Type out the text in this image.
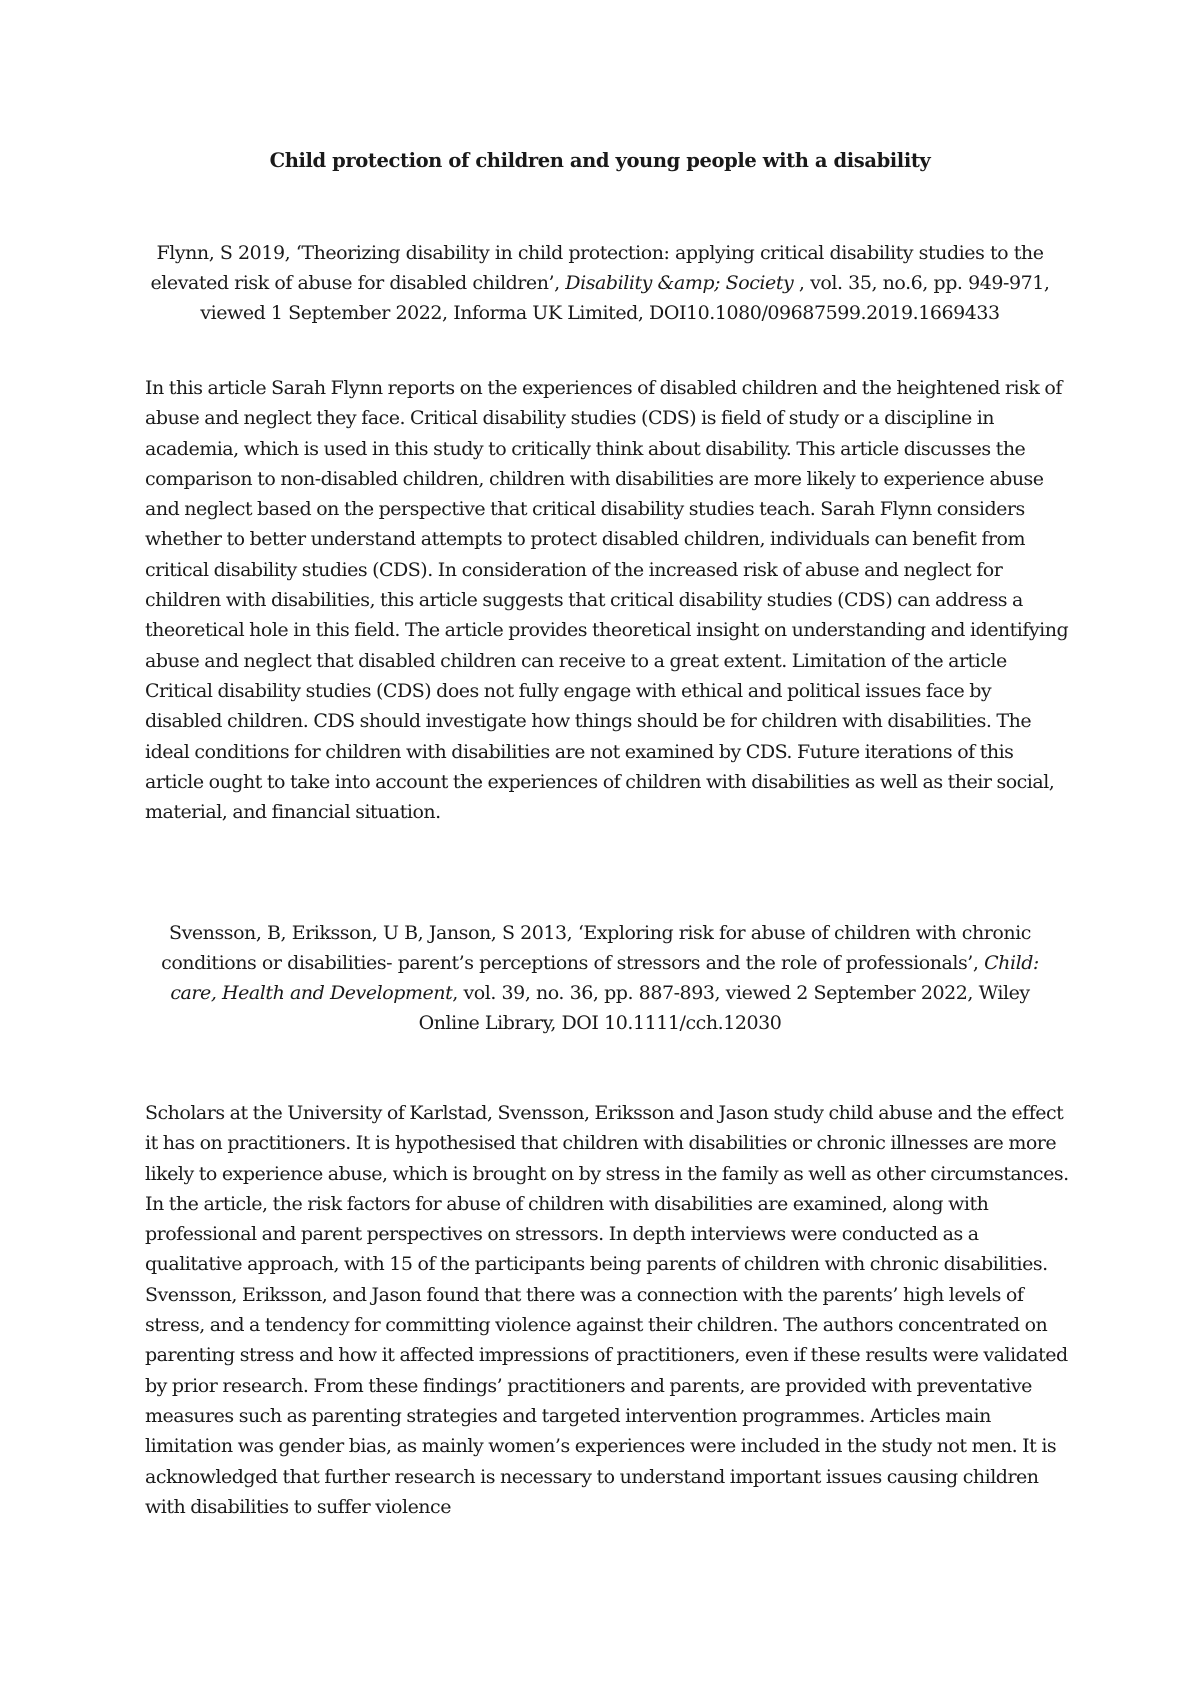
Child protection of children and young people with a disability

Flynn, S 2019, ‘Theorizing disability in child protection: applying critical disability studies to the elevated risk of abuse for disabled children’, Disability &amp; Society , vol. 35, no.6, pp. 949-971, viewed 1 September 2022, Informa UK Limited, DOI10.1080/09687599.2019.1669433

In this article Sarah Flynn reports on the experiences of disabled children and the heightened risk of abuse and neglect they face. Critical disability studies (CDS) is field of study or a discipline in academia, which is used in this study to critically think about disability. This article discusses the comparison to non-disabled children, children with disabilities are more likely to experience abuse and neglect based on the perspective that critical disability studies teach. Sarah Flynn considers whether to better understand attempts to protect disabled children, individuals can benefit from critical disability studies (CDS). In consideration of the increased risk of abuse and neglect for children with disabilities, this article suggests that critical disability studies (CDS) can address a theoretical hole in this field. The article provides theoretical insight on understanding and identifying abuse and neglect that disabled children can receive to a great extent. Limitation of the article Critical disability studies (CDS) does not fully engage with ethical and political issues face by disabled children. CDS should investigate how things should be for children with disabilities. The ideal conditions for children with disabilities are not examined by CDS. Future iterations of this article ought to take into account the experiences of children with disabilities as well as their social, material, and financial situation.

Svensson, B, Eriksson, U B, Janson, S 2013, ‘Exploring risk for abuse of children with chronic conditions or disabilities- parent’s perceptions of stressors and the role of professionals’, Child: care, Health and Development, vol. 39, no. 36, pp. 887-893, viewed 2 September 2022, Wiley Online Library, DOI 10.1111/cch.12030

Scholars at the University of Karlstad, Svensson, Eriksson and Jason study child abuse and the effect it has on practitioners. It is hypothesised that children with disabilities or chronic illnesses are more likely to experience abuse, which is brought on by stress in the family as well as other circumstances. In the article, the risk factors for abuse of children with disabilities are examined, along with professional and parent perspectives on stressors. In depth interviews were conducted as a qualitative approach, with 15 of the participants being parents of children with chronic disabilities. Svensson, Eriksson, and Jason found that there was a connection with the parents’ high levels of stress, and a tendency for committing violence against their children. The authors concentrated on parenting stress and how it affected impressions of practitioners, even if these results were validated by prior research. From these findings’ practitioners and parents, are provided with preventative measures such as parenting strategies and targeted intervention programmes. Articles main limitation was gender bias, as mainly women’s experiences were included in the study not men. It is acknowledged that further research is necessary to understand important issues causing children with disabilities to suffer violence
